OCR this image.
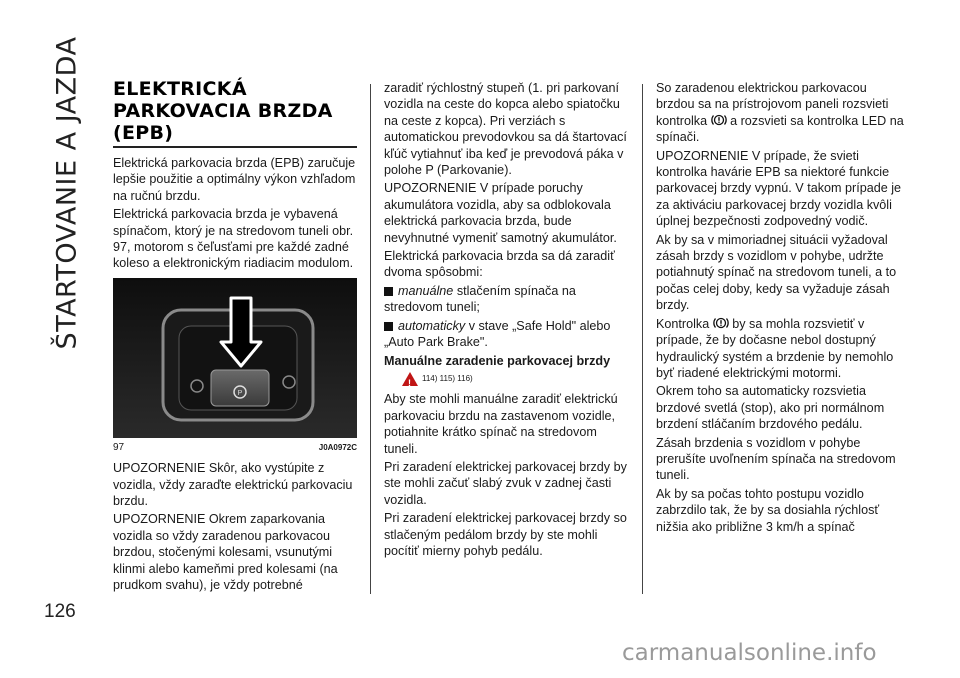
ŠTARTOVANIE A JAZDA ELEKTRICKÁ
PARKOVACIA BRZDA
(EPB)

Elektrická parkovacia brzda (EPB) zaručuje lepšie použitie a optimálny výkon vzhľadom na ručnú brzdu.

Elektrická parkovacia brzda je vybavená spínačom, ktorý je na stredovom tuneli obr. 97, motorom s čeľusťami pre každé zadné koleso a elektronickým riadiacim modulom.

P
97	J0A0972C

UPOZORNENIE Skôr, ako vystúpite z vozidla, vždy zaraďte elektrickú parkovaciu brzdu.

UPOZORNENIE Okrem zaparkovania vozidla so vždy zaradenou parkovacou brzdou, stočenými kolesami, vsunutými klinmi alebo kameňmi pred kolesami (na prudkom svahu), je vždy potrebné

zaradiť rýchlostný stupeň (1. pri parkovaní vozidla na ceste do kopca alebo spiatočku na ceste z kopca). Pri verziách s automatickou prevodovkou sa dá štartovací kľúč vytiahnuť iba keď je prevodová páka v polohe P (Parkovanie).

UPOZORNENIE V prípade poruchy akumulátora vozidla, aby sa odblokovala elektrická parkovacia brzda, bude nevyhnutné vymeniť samotný akumulátor.

Elektrická parkovacia brzda sa dá zaradiť dvoma spôsobmi:

manuálne stlačením spínača na stredovom tuneli;

automaticky v stave „Safe Hold" alebo „Auto Park Brake".

Manuálne zaradenie parkovacej brzdy
!
114) 115) 116)

Aby ste mohli manuálne zaradiť elektrickú parkovaciu brzdu na zastavenom vozidle, potiahnite krátko spínač na stredovom tuneli.

Pri zaradení elektrickej parkovacej brzdy by ste mohli začuť slabý zvuk v zadnej časti vozidla.

Pri zaradení elektrickej parkovacej brzdy so stlačeným pedálom brzdy by ste mohli pocítiť mierny pohyb pedálu.

So zaradenou elektrickou parkovacou brzdou sa na prístrojovom paneli rozsvieti kontrolka  a rozsvieti sa kontrolka LED na spínači.

UPOZORNENIE V prípade, že svieti kontrolka havárie EPB sa niektoré funkcie parkovacej brzdy vypnú. V takom prípade je za aktiváciu parkovacej brzdy vozidla kvôli úplnej bezpečnosti zodpovedný vodič.

Ak by sa v mimoriadnej situácii vyžadoval zásah brzdy s vozidlom v pohybe, udržte potiahnutý spínač na stredovom tuneli, a to počas celej doby, kedy sa vyžaduje zásah brzdy.

Kontrolka  by sa mohla rozsvietiť v prípade, že by dočasne nebol dostupný hydraulický systém a brzdenie by nemohlo byť riadené elektrickými motormi.

Okrem toho sa automaticky rozsvietia brzdové svetlá (stop), ako pri normálnom brzdení stláčaním brzdového pedálu.

Zásah brzdenia s vozidlom v pohybe prerušíte uvoľnením spínača na stredovom tuneli.

Ak by sa počas tohto postupu vozidlo zabrzdilo tak, že by sa dosiahla rýchlosť nižšia ako približne 3 km/h a spínač

126
carmanualsonline.info
